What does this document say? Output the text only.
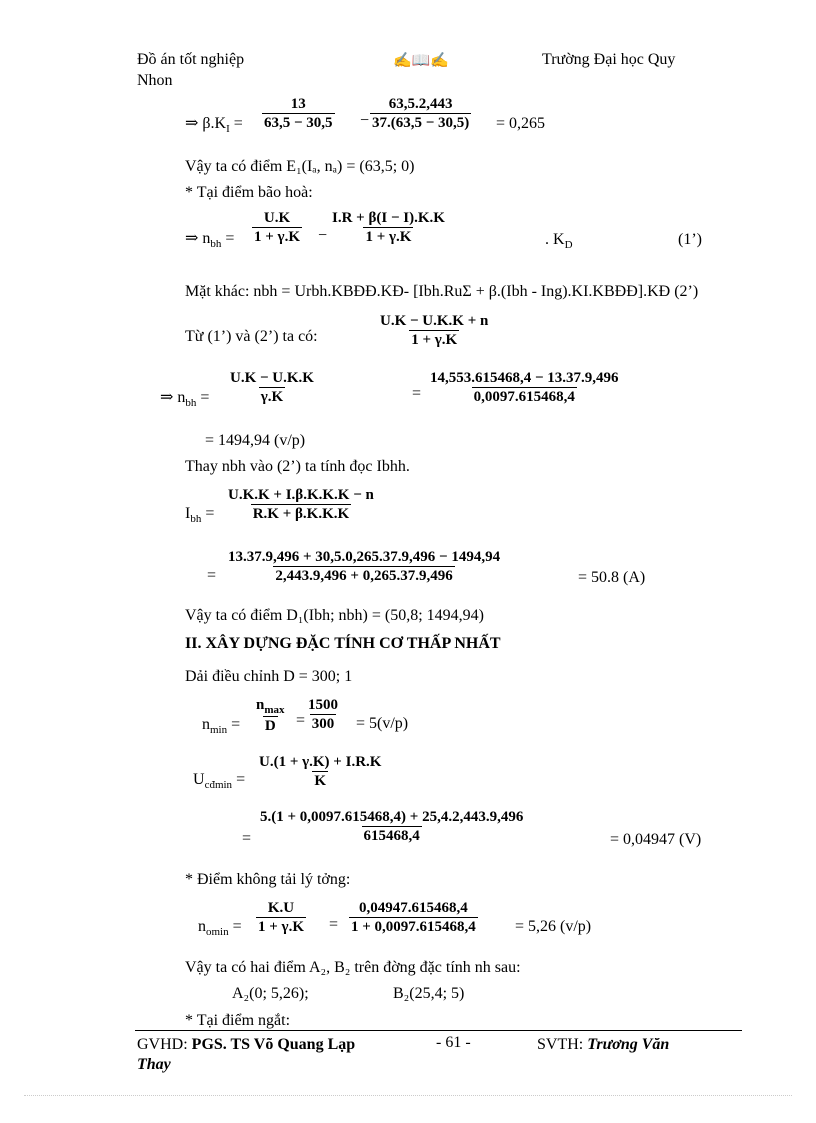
Đồ án tốt nghiệp	✍📖✍	Trường Đại học Quy
Nhon
⇒ $\beta.K_I = \frac{13}{63,5 - 30,5} - \frac{63,5.2,443}{37.(63,5 - 30,5)} = 0,265$
Vậy ta có điểm E₁(Iₐ, nₐ) = (63,5; 0)
* Tại điểm bão hoà:
⇒ $n_{bh} = \frac{U.K}{1 + \gamma.K} - \frac{I.R + \beta(I - I).K.K}{1 + \gamma.K}$	. $K_D$	(1’)
Mặt khác: nbh = Urbh.KBĐĐ.KĐ- [Ibh.RuΣ + β.(Ibh - Ing).KI.KBĐĐ].KĐ (2’)
Từ (1’) và (2’) ta có:	$\frac{U.K - U.K.K + n}{1 + \gamma.K}$
⇒ $n_{bh} = \frac{U.K - U.K.K}{\gamma.K}$	= $\frac{14,553.615468,4 - 13.37.9,496}{0,0097.615468,4}$
= 1494,94 (v/p)
Thay nbh vào (2’) ta tính đọc Ibhh.
$I_{bh} = \frac{U.K.K + I.\beta.K.K.K - n}{R.K + \beta.K.K.K}$
= $\frac{13.37.9,496 + 30,5.0,265.37.9,496 - 1494,94}{2,443.9,496 + 0,265.37.9,496}$	= 50.8 (A)
Vậy ta có điểm D₁(Ibh; nbh) = (50,8; 1494,94)
II. XÂY DỰNG ĐẶC TÍNH CƠ THẤP NHẤT
Dải điều chỉnh D = 300; 1
$n_{min}$ =
$n_{max}$
$D = \frac{1500}{300} = 5(v/p)$
$U_{cđmin} = \frac{U.(1 + \gamma.K) + I.R.K}{K}$
= $\frac{5.(1 + 0,0097.615468,4) + 25,4.2,443.9,496}{615468,4}$	= 0,04947 (V)
* Điểm không tải lý tởng:
$n_{omin} = \frac{K.U}{1 + \gamma.K} = \frac{0,04947.615468,4}{1 + 0,0097.615468,4} = 5,26$ (v/p)
Vậy ta có hai điểm A₂, B₂ trên đờng đặc tính nh sau:
A₂(0; 5,26);	B₂(25,4; 5)
* Tại điểm ngắt:
GVHD: PGS. TS Võ Quang Lạp	- 61 -	SVTH: Trương Văn
Thay
